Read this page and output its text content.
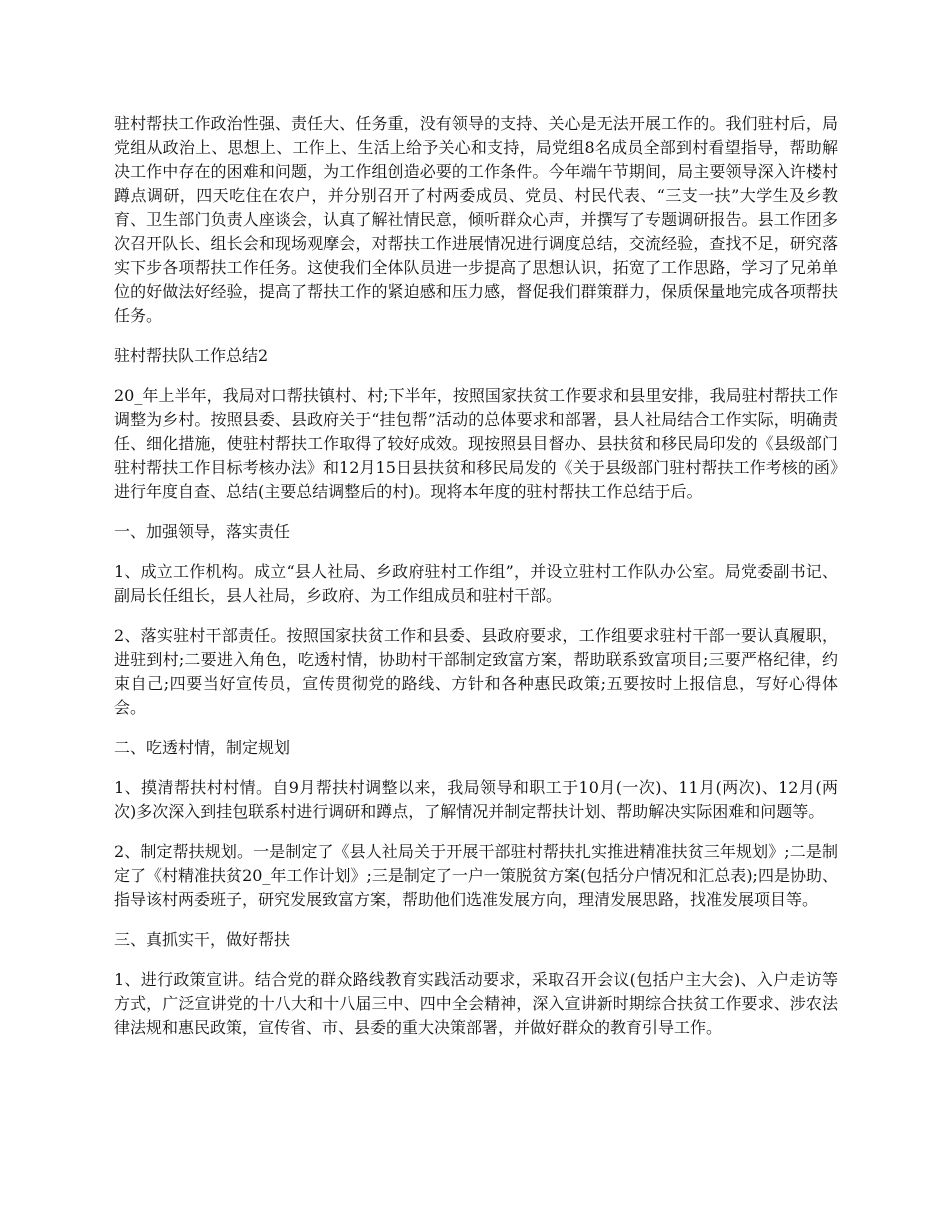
驻村帮扶工作政治性强、责任大、任务重，没有领导的支持、关心是无法开展工作的。我们驻村后，局党组从政治上、思想上、工作上、生活上给予关心和支持，局党组8名成员全部到村看望指导，帮助解决工作中存在的困难和问题，为工作组创造必要的工作条件。今年端午节期间，局主要领导深入许楼村蹲点调研，四天吃住在农户，并分别召开了村两委成员、党员、村民代表、“三支一扶”大学生及乡教育、卫生部门负责人座谈会，认真了解社情民意，倾听群众心声，并撰写了专题调研报告。县工作团多次召开队长、组长会和现场观摩会，对帮扶工作进展情况进行调度总结，交流经验，查找不足，研究落实下步各项帮扶工作任务。这使我们全体队员进一步提高了思想认识，拓宽了工作思路，学习了兄弟单位的好做法好经验，提高了帮扶工作的紧迫感和压力感，督促我们群策群力，保质保量地完成各项帮扶任务。

驻村帮扶队工作总结2

20_年上半年，我局对口帮扶镇村、村;下半年，按照国家扶贫工作要求和县里安排，我局驻村帮扶工作调整为乡村。按照县委、县政府关于“挂包帮”活动的总体要求和部署，县人社局结合工作实际，明确责任、细化措施，使驻村帮扶工作取得了较好成效。现按照县目督办、县扶贫和移民局印发的《县级部门驻村帮扶工作目标考核办法》和12月15日县扶贫和移民局发的《关于县级部门驻村帮扶工作考核的函》进行年度自查、总结(主要总结调整后的村)。现将本年度的驻村帮扶工作总结于后。

一、加强领导，落实责任

1、成立工作机构。成立“县人社局、乡政府驻村工作组”，并设立驻村工作队办公室。局党委副书记、副局长任组长，县人社局，乡政府、为工作组成员和驻村干部。

2、落实驻村干部责任。按照国家扶贫工作和县委、县政府要求，工作组要求驻村干部一要认真履职，进驻到村;二要进入角色，吃透村情，协助村干部制定致富方案，帮助联系致富项目;三要严格纪律，约束自己;四要当好宣传员，宣传贯彻党的路线、方针和各种惠民政策;五要按时上报信息，写好心得体会。

二、吃透村情，制定规划

1、摸清帮扶村村情。自9月帮扶村调整以来，我局领导和职工于10月(一次)、11月(两次)、12月(两次)多次深入到挂包联系村进行调研和蹲点，了解情况并制定帮扶计划、帮助解决实际困难和问题等。

2、制定帮扶规划。一是制定了《县人社局关于开展干部驻村帮扶扎实推进精准扶贫三年规划》;二是制定了《村精准扶贫20_年工作计划》;三是制定了一户一策脱贫方案(包括分户情况和汇总表);四是协助、指导该村两委班子，研究发展致富方案，帮助他们选准发展方向，理清发展思路，找准发展项目等。

三、真抓实干，做好帮扶

1、进行政策宣讲。结合党的群众路线教育实践活动要求，采取召开会议(包括户主大会)、入户走访等方式，广泛宣讲党的十八大和十八届三中、四中全会精神，深入宣讲新时期综合扶贫工作要求、涉农法律法规和惠民政策，宣传省、市、县委的重大决策部署，并做好群众的教育引导工作。
